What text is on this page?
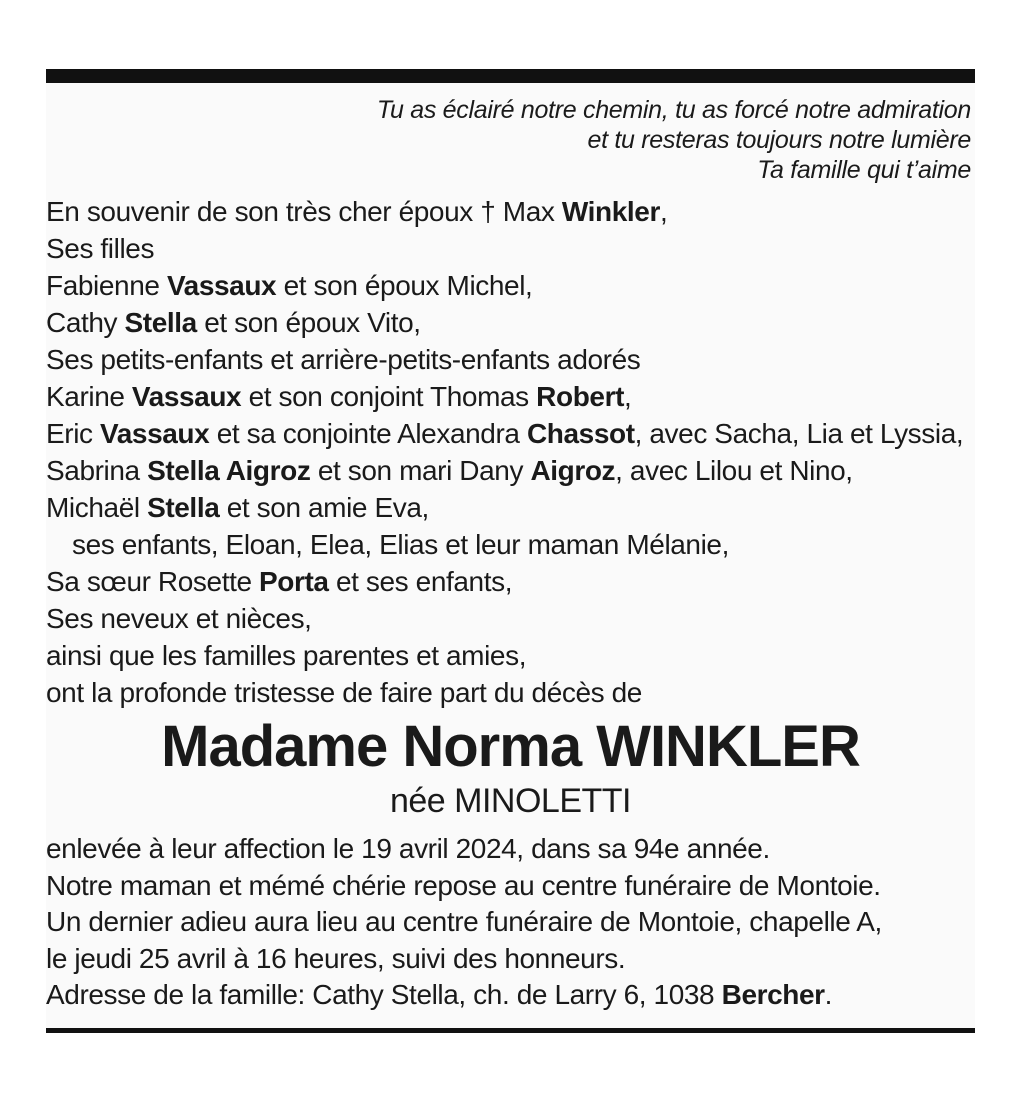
Tu as éclairé notre chemin, tu as forcé notre admiration
et tu resteras toujours notre lumière
Ta famille qui t’aime
En souvenir de son très cher époux † Max Winkler,
Ses filles
Fabienne Vassaux et son époux Michel,
Cathy Stella et son époux Vito,
Ses petits-enfants et arrière-petits-enfants adorés
Karine Vassaux et son conjoint Thomas Robert,
Eric Vassaux et sa conjointe Alexandra Chassot, avec Sacha, Lia et Lyssia,
Sabrina Stella Aigroz et son mari Dany Aigroz, avec Lilou et Nino,
Michaël Stella et son amie Eva,
ses enfants, Eloan, Elea, Elias et leur maman Mélanie,
Sa sœur Rosette Porta et ses enfants,
Ses neveux et nièces,
ainsi que les familles parentes et amies,
ont la profonde tristesse de faire part du décès de
Madame Norma WINKLER
née MINOLETTI
enlevée à leur affection le 19 avril 2024, dans sa 94e année.
Notre maman et mémé chérie repose au centre funéraire de Montoie.
Un dernier adieu aura lieu au centre funéraire de Montoie, chapelle A,
le jeudi 25 avril à 16 heures, suivi des honneurs.
Adresse de la famille: Cathy Stella, ch. de Larry 6, 1038 Bercher.
